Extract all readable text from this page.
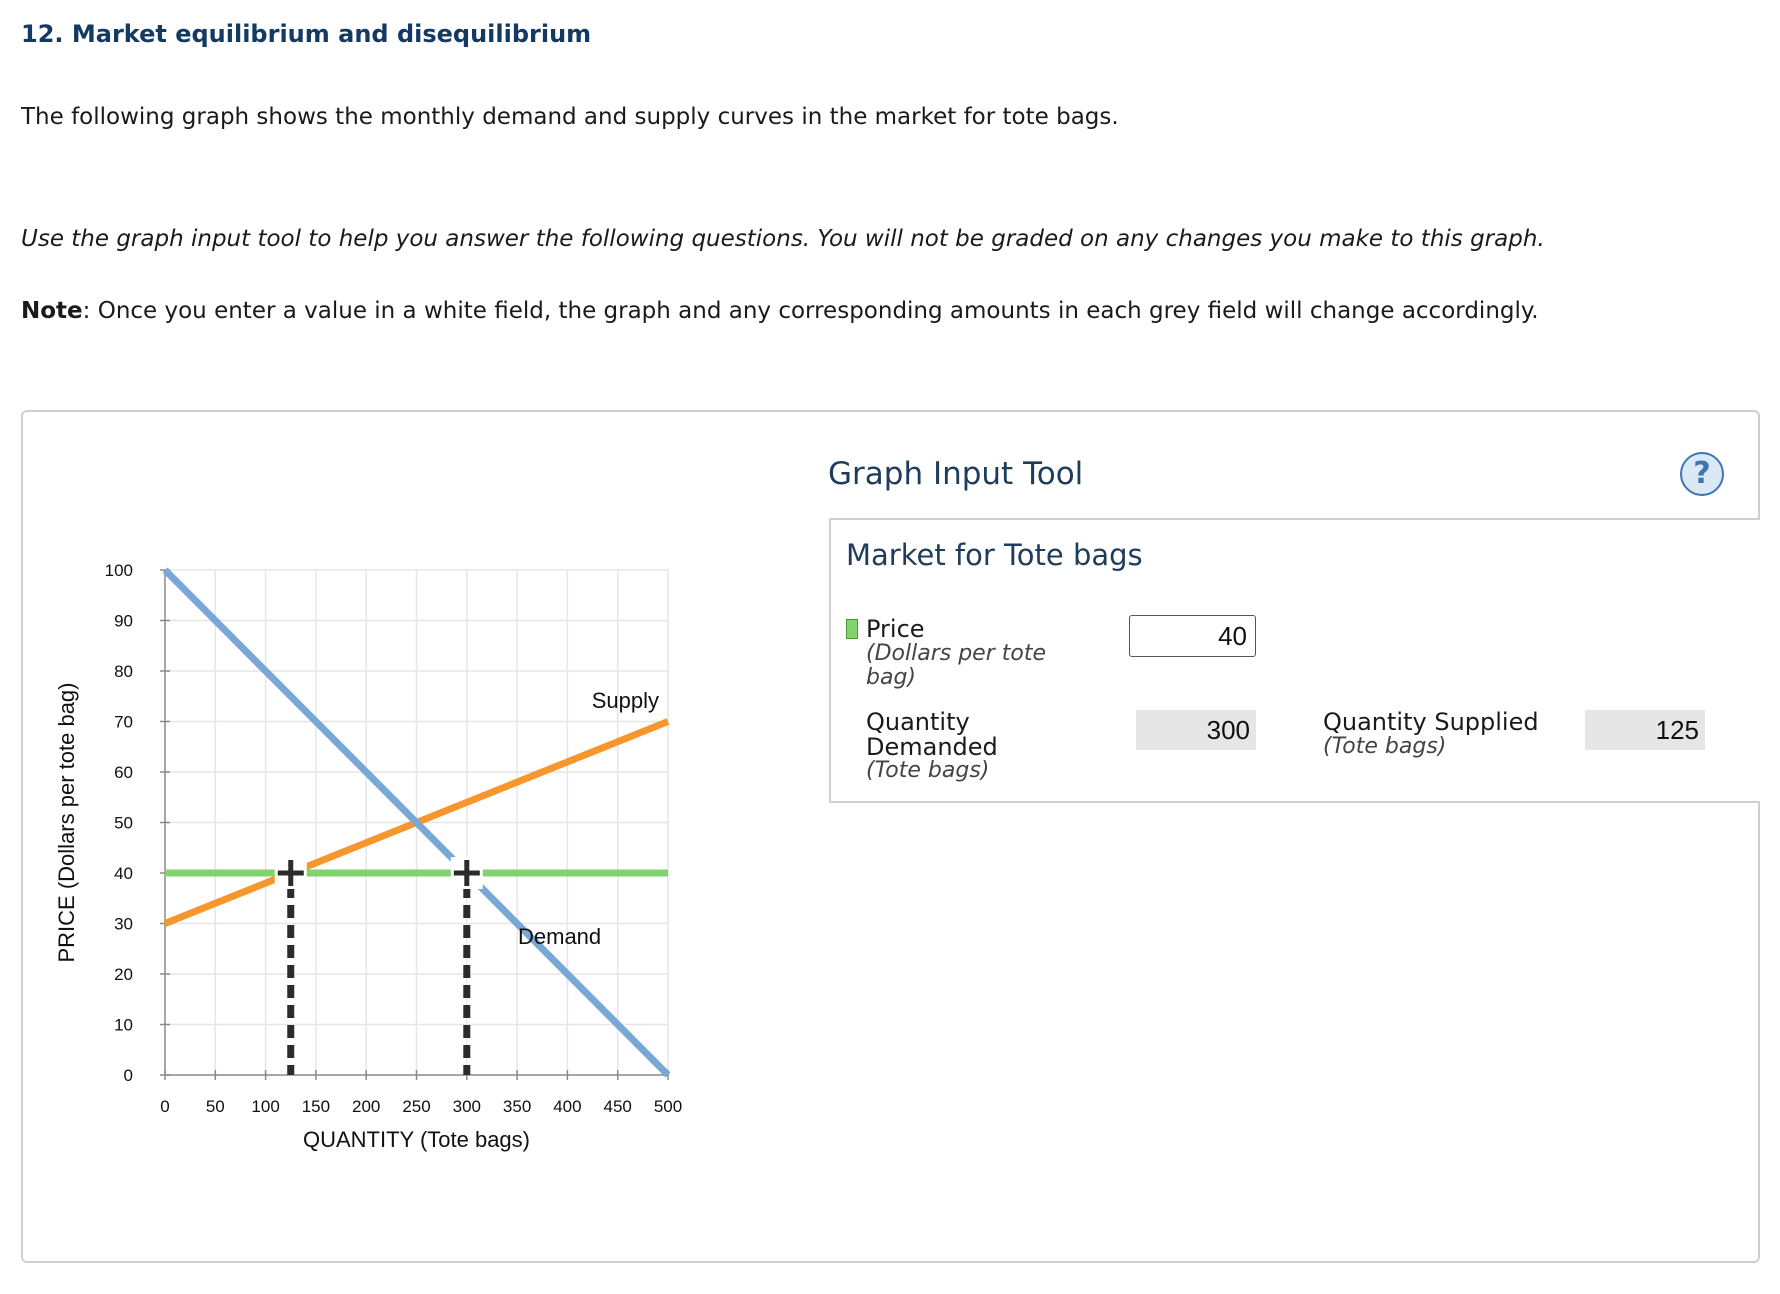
12. Market equilibrium and disequilibrium
The following graph shows the monthly demand and supply curves in the market for tote bags.
Use the graph input tool to help you answer the following questions. You will not be graded on any changes you make to this graph.
Note: Once you enter a value in a white field, the graph and any corresponding amounts in each grey field will change accordingly.
0
10
20
30
40
50
60
70
80
90
100
0 50 100 150 200 250 300 350 400 450 500
QUANTITY (Tote bags)
PRICE (Dollars per tote bag)	Supply
Demand
Graph Input Tool	?
Market for Tote bags
Price
(Dollars per tote
bag)
40
Quantity
Demanded
(Tote bags)
300	Quantity Supplied
(Tote bags)
125
